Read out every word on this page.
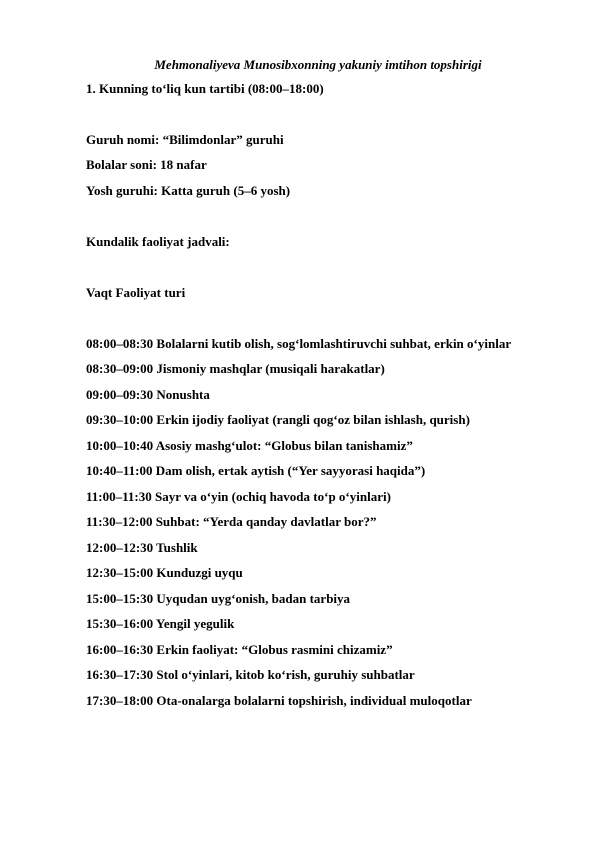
Mehmonaliyeva Munosibxonning yakuniy imtihon topshirigi
1. Kunning to‘liq kun tartibi (08:00–18:00)
Guruh nomi: “Bilimdonlar” guruhi
Bolalar soni: 18 nafar
Yosh guruhi: Katta guruh (5–6 yosh)
Kundalik faoliyat jadvali:
Vaqt Faoliyat turi
08:00–08:30 Bolalarni kutib olish, sog‘lomlashtiruvchi suhbat, erkin o‘yinlar
08:30–09:00 Jismoniy mashqlar (musiqali harakatlar)
09:00–09:30 Nonushta
09:30–10:00 Erkin ijodiy faoliyat (rangli qog‘oz bilan ishlash, qurish)
10:00–10:40 Asosiy mashg‘ulot: “Globus bilan tanishamiz”
10:40–11:00 Dam olish, ertak aytish (“Yer sayyorasi haqida”)
11:00–11:30 Sayr va o‘yin (ochiq havoda to‘p o‘yinlari)
11:30–12:00 Suhbat: “Yerda qanday davlatlar bor?”
12:00–12:30 Tushlik
12:30–15:00 Kunduzgi uyqu
15:00–15:30 Uyqudan uyg‘onish, badan tarbiya
15:30–16:00 Yengil yegulik
16:00–16:30 Erkin faoliyat: “Globus rasmini chizamiz”
16:30–17:30 Stol o‘yinlari, kitob ko‘rish, guruhiy suhbatlar
17:30–18:00 Ota-onalarga bolalarni topshirish, individual muloqotlar
